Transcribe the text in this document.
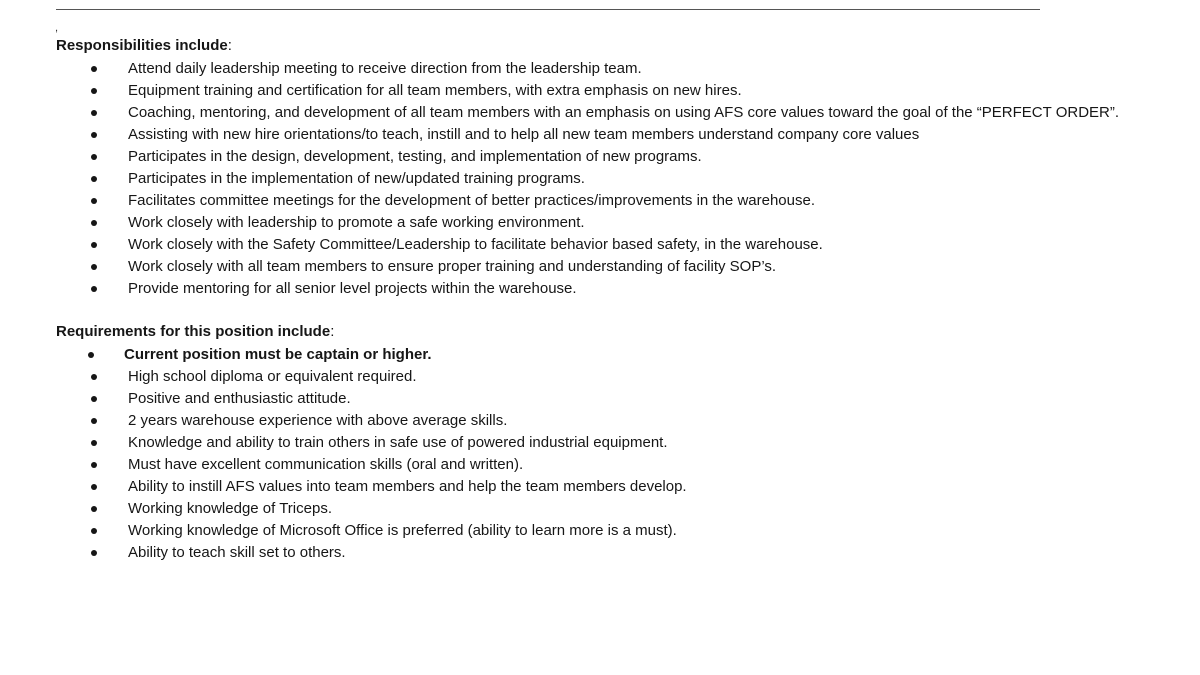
,

Responsibilities include:

Attend daily leadership meeting to receive direction from the leadership team.
Equipment training and certification for all team members, with extra emphasis on new hires.
Coaching, mentoring, and development of all team members with an emphasis on using AFS core values toward the goal of the “PERFECT ORDER”.
Assisting with new hire orientations/to teach, instill and to help all new team members understand company core values
Participates in the design, development, testing, and implementation of new programs.
Participates in the implementation of new/updated training programs.
Facilitates committee meetings for the development of better practices/improvements in the warehouse.
Work closely with leadership to promote a safe working environment.
Work closely with the Safety Committee/Leadership to facilitate behavior based safety, in the warehouse.
Work closely with all team members to ensure proper training and understanding of facility SOP’s.
Provide mentoring for all senior level projects within the warehouse.

Requirements for this position include:

Current position must be captain or higher.
High school diploma or equivalent required.
Positive and enthusiastic attitude.
2 years warehouse experience with above average skills.
Knowledge and ability to train others in safe use of powered industrial equipment.
Must have excellent communication skills (oral and written).
Ability to instill AFS values into team members and help the team members develop.
Working knowledge of Triceps.
Working knowledge of Microsoft Office is preferred (ability to learn more is a must).
Ability to teach skill set to others.
